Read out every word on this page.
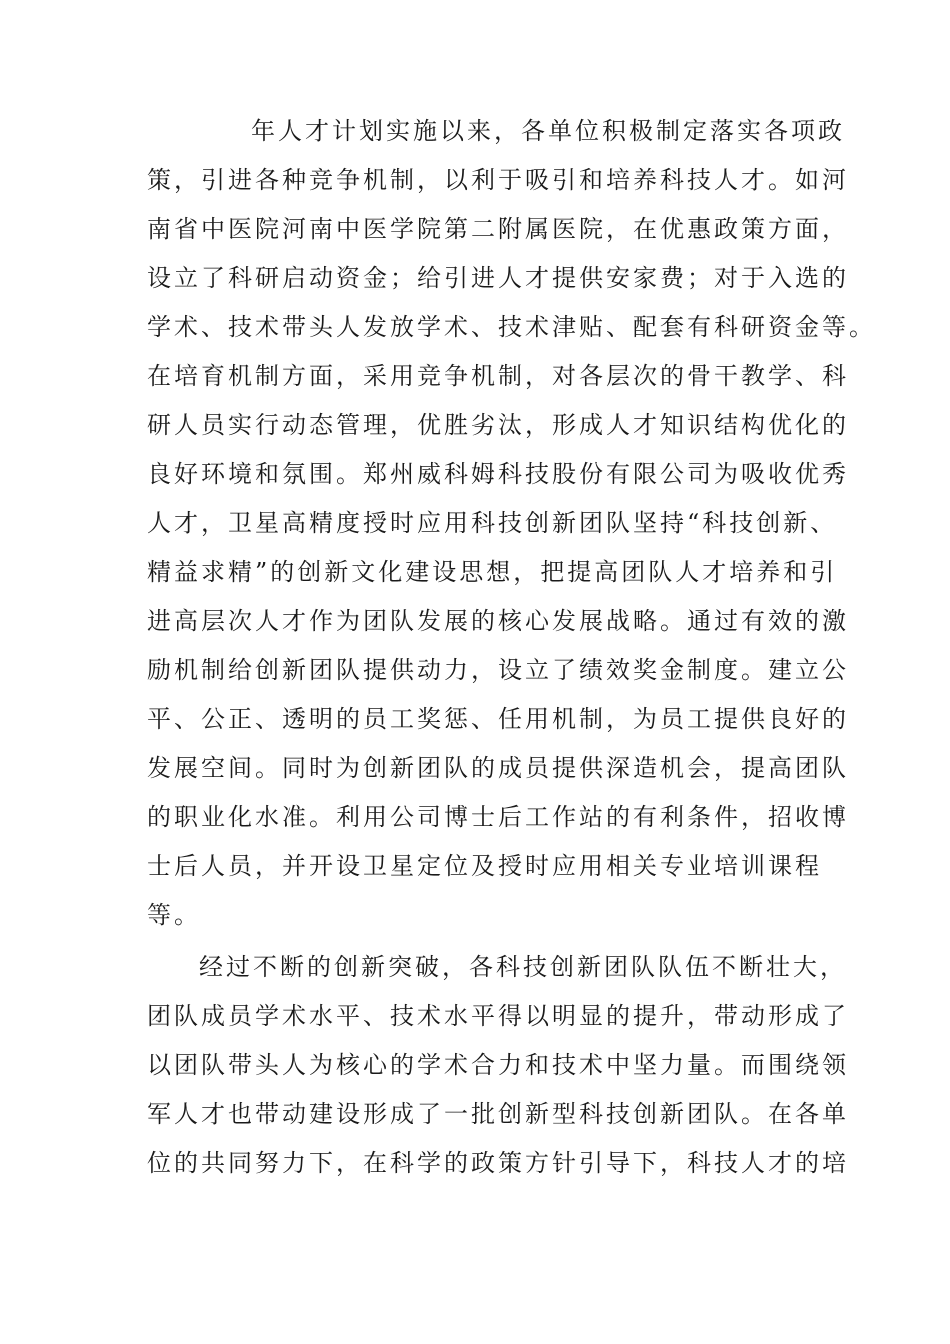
年人才计划实施以来，各单位积极制定落实各项政
策，引进各种竞争机制，以利于吸引和培养科技人才。如河
南省中医院河南中医学院第二附属医院，在优惠政策方面，
设立了科研启动资金；给引进人才提供安家费；对于入选的
学术、技术带头人发放学术、技术津贴、配套有科研资金等。
在培育机制方面，采用竞争机制，对各层次的骨干教学、科
研人员实行动态管理，优胜劣汰，形成人才知识结构优化的
良好环境和氛围。郑州威科姆科技股份有限公司为吸收优秀
人才，卫星高精度授时应用科技创新团队坚持“科技创新、
精益求精”的创新文化建设思想，把提高团队人才培养和引
进高层次人才作为团队发展的核心发展战略。通过有效的激
励机制给创新团队提供动力，设立了绩效奖金制度。建立公
平、公正、透明的员工奖惩、任用机制，为员工提供良好的
发展空间。同时为创新团队的成员提供深造机会，提高团队
的职业化水准。利用公司博士后工作站的有利条件，招收博
士后人员，并开设卫星定位及授时应用相关专业培训课程
等。
经过不断的创新突破，各科技创新团队队伍不断壮大，
团队成员学术水平、技术水平得以明显的提升，带动形成了
以团队带头人为核心的学术合力和技术中坚力量。而围绕领
军人才也带动建设形成了一批创新型科技创新团队。在各单
位的共同努力下，在科学的政策方针引导下，科技人才的培
